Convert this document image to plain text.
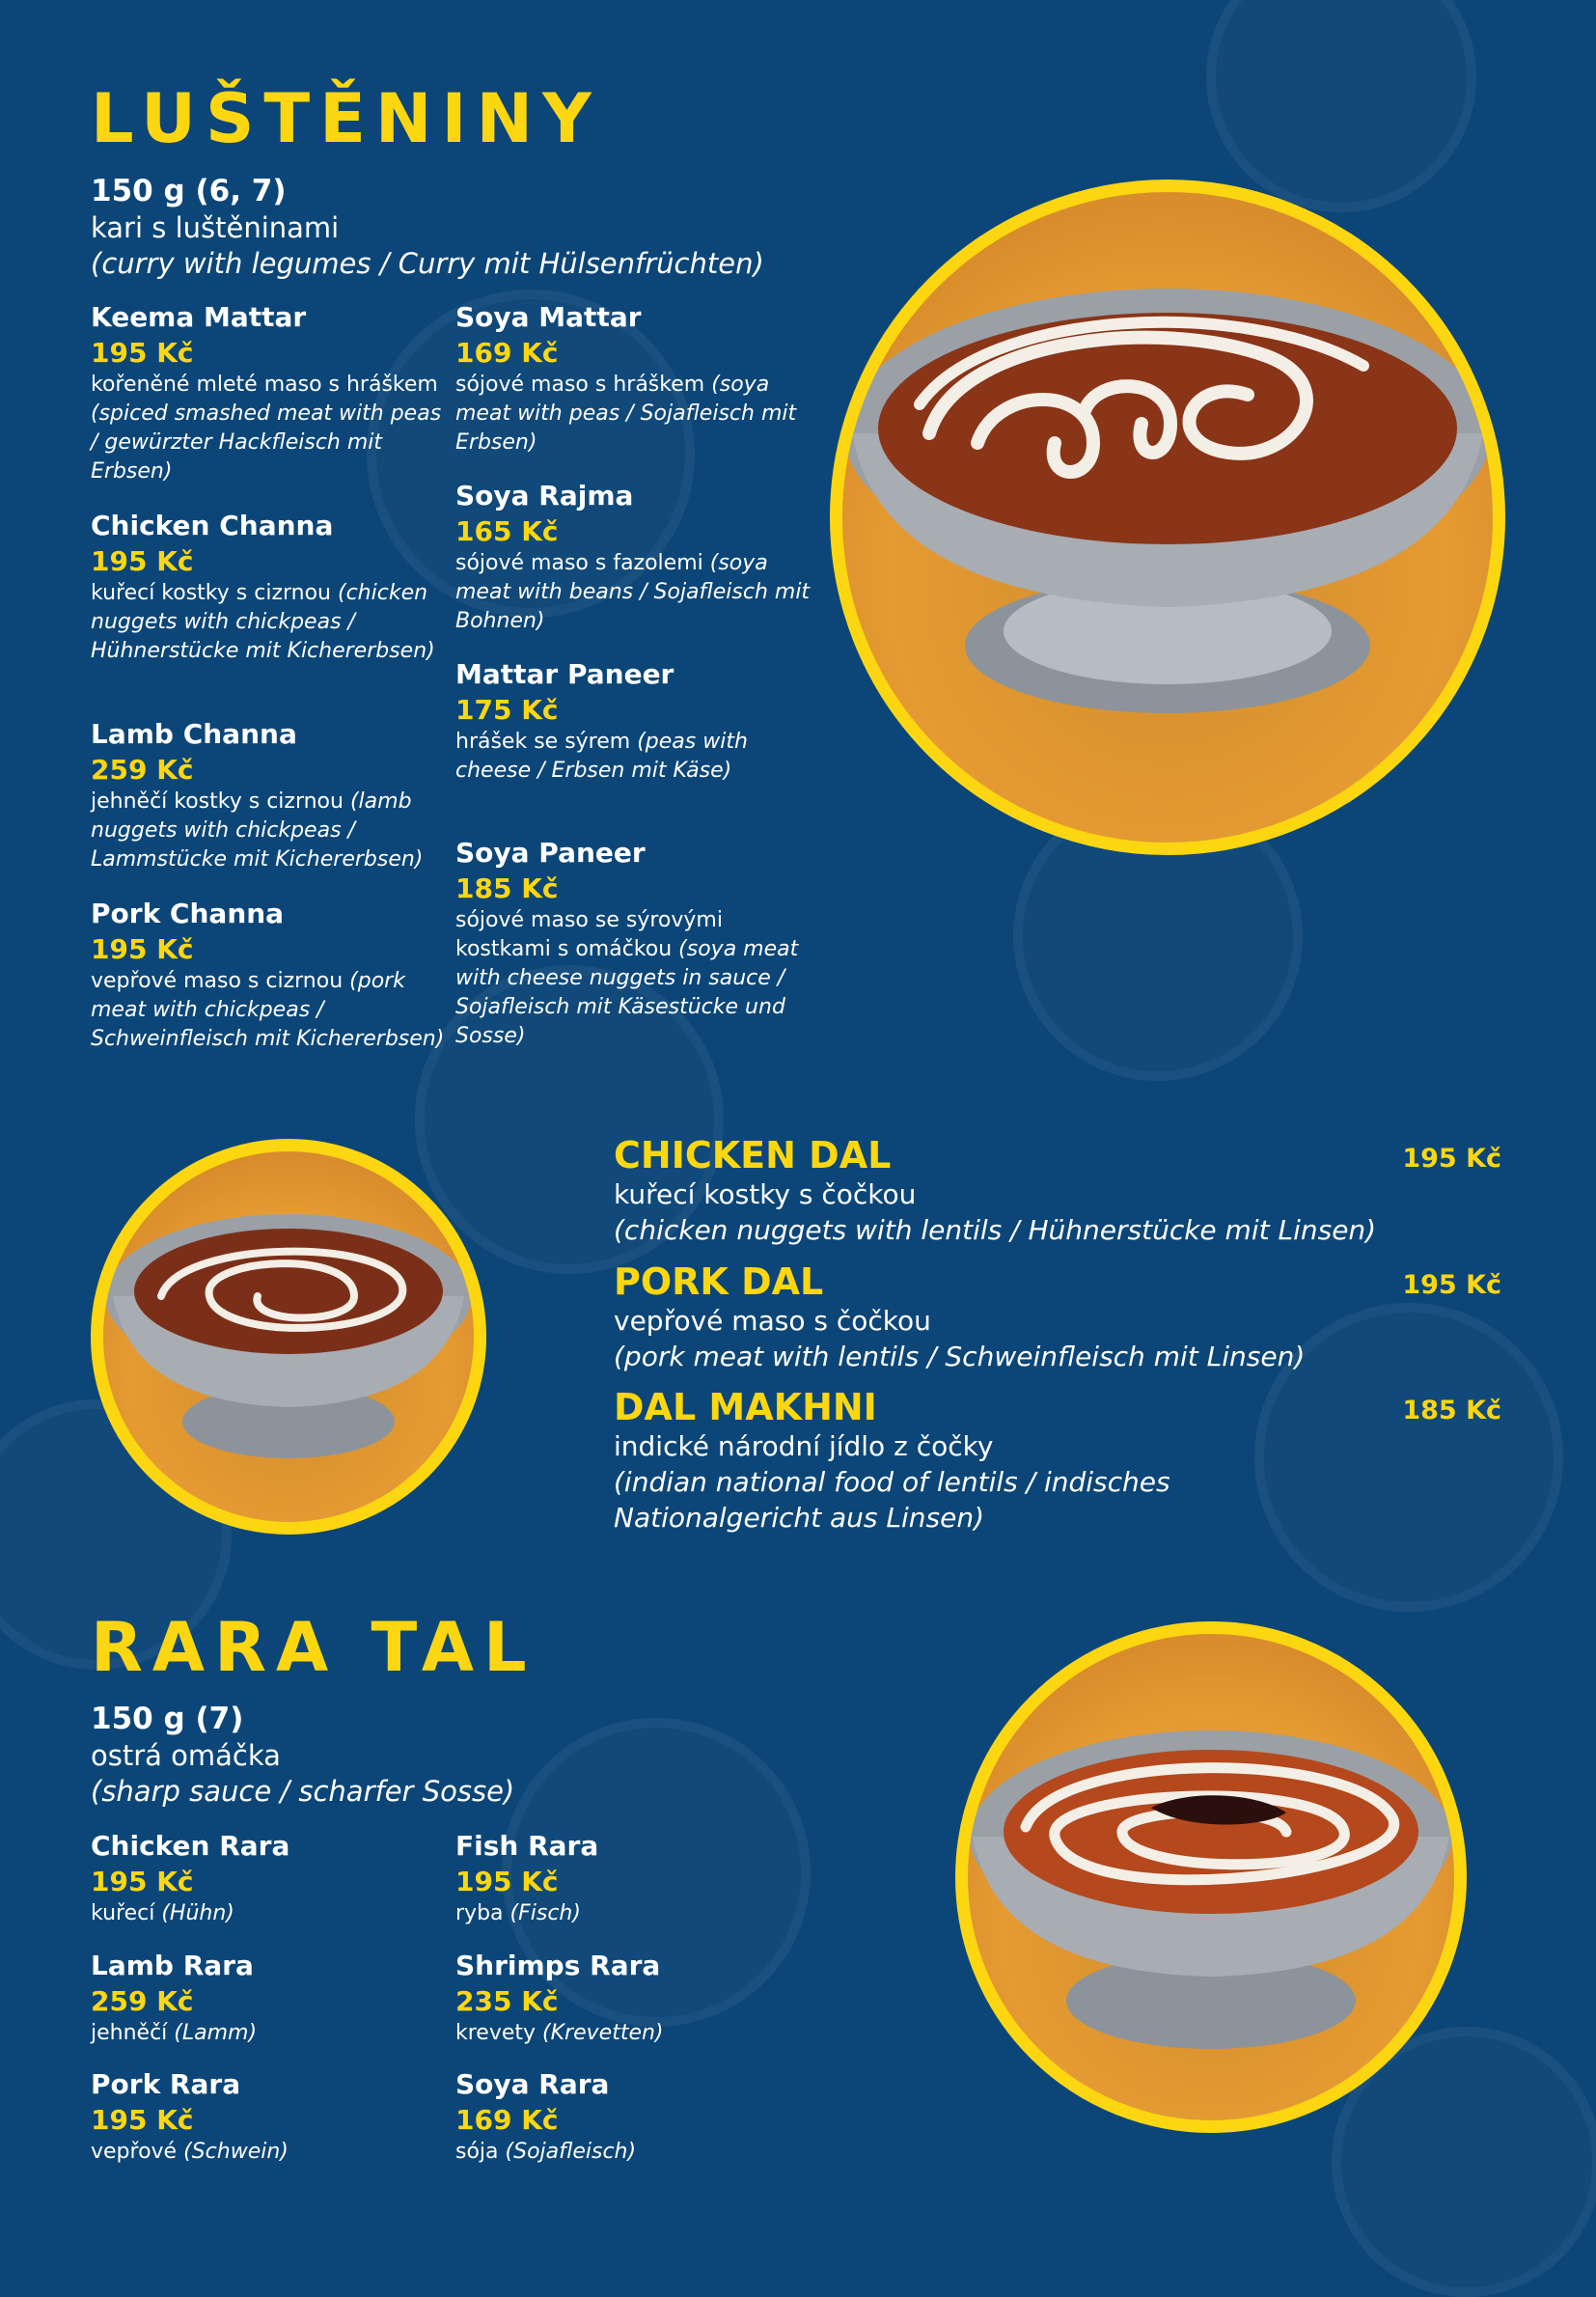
LUŠTĚNINY
150 g (6, 7)
kari s luštěninami
(curry with legumes / Curry mit Hülsenfrüchten)
Keema Mattar
195 Kč
kořeněné mleté maso s hráškem (spiced smashed meat with peas / gewürzter Hackfleisch mit Erbsen)
Chicken Channa
195 Kč
kuřecí kostky s cizrnou (chicken nuggets with chickpeas / Hühnerstücke mit Kichererbsen)
Lamb Channa
259 Kč
jehněčí kostky s cizrnou (lamb nuggets with chickpeas / Lammstücke mit Kichererbsen)
Pork Channa
195 Kč
vepřové maso s cizrnou (pork meat with chickpeas / Schweinfleisch mit Kichererbsen)
Soya Mattar
169 Kč
sójové maso s hráškem (soya meat with peas / Sojafleisch mit Erbsen)
Soya Rajma
165 Kč
sójové maso s fazolemi (soya meat with beans / Sojafleisch mit Bohnen)
Mattar Paneer
175 Kč
hrášek se sýrem (peas with cheese / Erbsen mit Käse)
Soya Paneer
185 Kč
sójové maso se sýrovými kostkami s omáčkou (soya meat with cheese nuggets in sauce / Sojafleisch mit Käsestücke und Sosse)
CHICKEN DAL	195 Kč
kuřecí kostky s čočkou
(chicken nuggets with lentils / Hühnerstücke mit Linsen)
PORK DAL	195 Kč
vepřové maso s čočkou
(pork meat with lentils / Schweinfleisch mit Linsen)
DAL MAKHNI	185 Kč
indické národní jídlo z čočky
(indian national food of lentils / indisches Nationalgericht aus Linsen)
RARA TAL
150 g (7)
ostrá omáčka
(sharp sauce / scharfer Sosse)
Chicken Rara
195 Kč
kuřecí (Hühn)
Lamb Rara
259 Kč
jehněčí (Lamm)
Pork Rara
195 Kč
vepřové (Schwein)
Fish Rara
195 Kč
ryba (Fisch)
Shrimps Rara
235 Kč
krevety (Krevetten)
Soya Rara
169 Kč
sója (Sojafleisch)
